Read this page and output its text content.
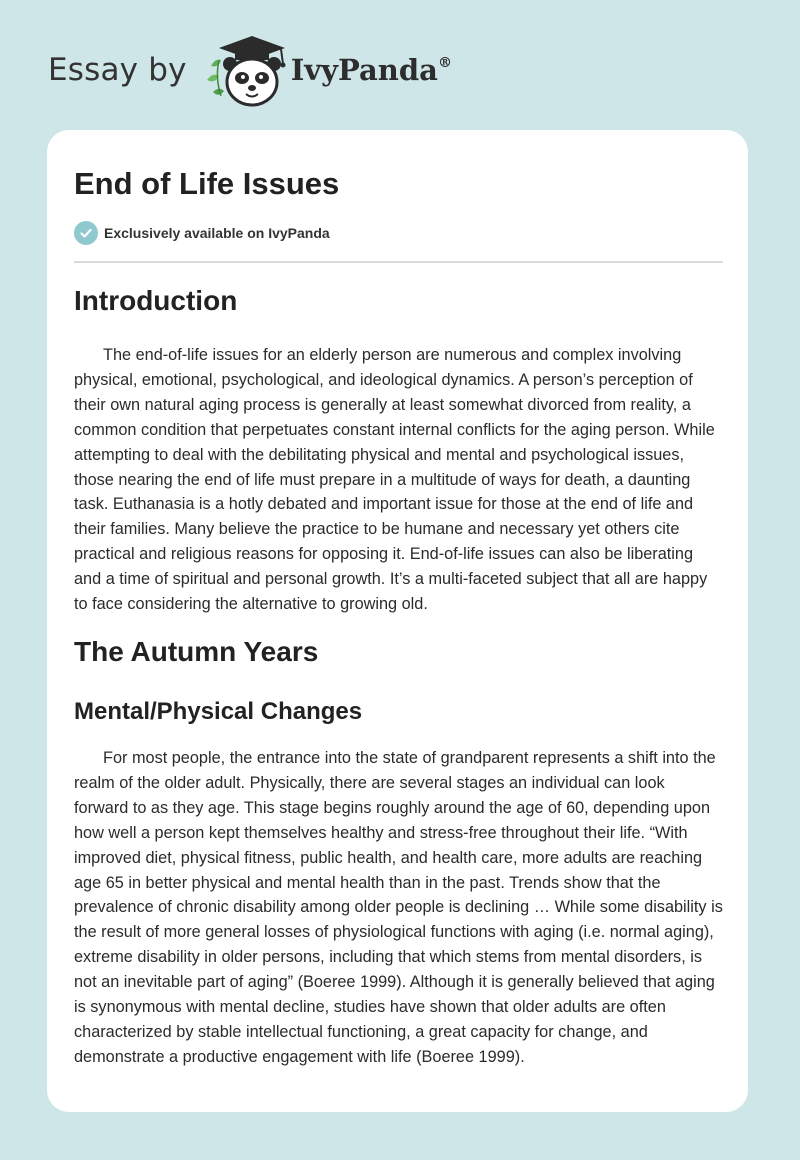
Essay by	IvyPanda®
End of Life Issues
Exclusively available on IvyPanda
Introduction

The end-of-life issues for an elderly person are numerous and complex involving physical, emotional, psychological, and ideological dynamics. A person’s perception of their own natural aging process is generally at least somewhat divorced from reality, a common condition that perpetuates constant internal conflicts for the aging person. While attempting to deal with the debilitating physical and mental and psychological issues, those nearing the end of life must prepare in a multitude of ways for death, a daunting task. Euthanasia is a hotly debated and important issue for those at the end of life and their families. Many believe the practice to be humane and necessary yet others cite practical and religious reasons for opposing it. End-of-life issues can also be liberating and a time of spiritual and personal growth. It’s a multi-faceted subject that all are happy to face considering the alternative to growing old.

The Autumn Years
Mental/Physical Changes

For most people, the entrance into the state of grandparent represents a shift into the realm of the older adult. Physically, there are several stages an individual can look forward to as they age. This stage begins roughly around the age of 60, depending upon how well a person kept themselves healthy and stress-free throughout their life. “With improved diet, physical fitness, public health, and health care, more adults are reaching age 65 in better physical and mental health than in the past. Trends show that the prevalence of chronic disability among older people is declining … While some disability is the result of more general losses of physiological functions with aging (i.e. normal aging), extreme disability in older persons, including that which stems from mental disorders, is not an inevitable part of aging” (Boeree 1999). Although it is generally believed that aging is synonymous with mental decline, studies have shown that older adults are often characterized by stable intellectual functioning, a great capacity for change, and demonstrate a productive engagement with life (Boeree 1999).
